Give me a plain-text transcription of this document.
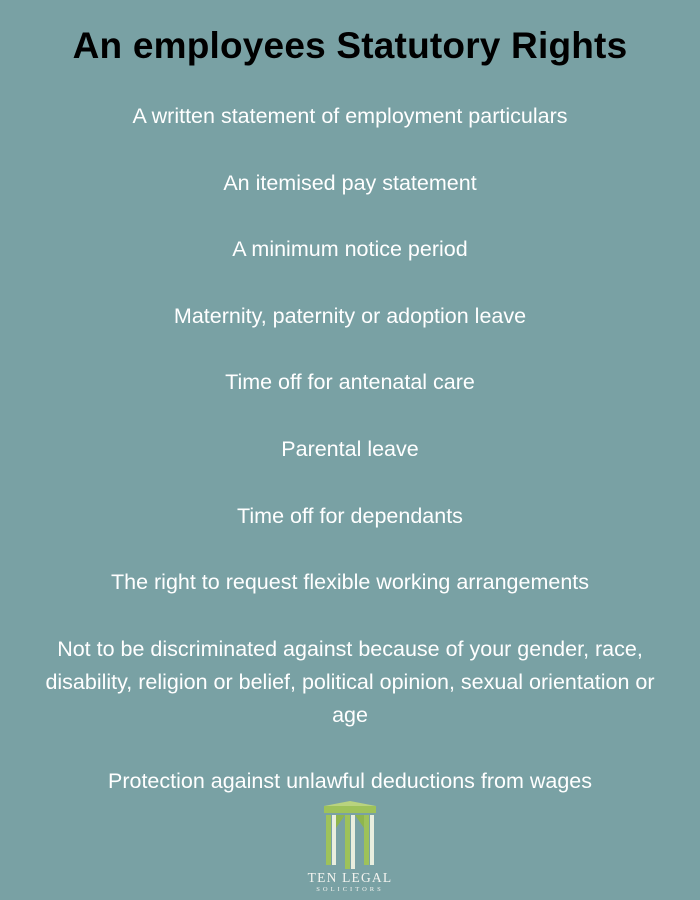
An employees Statutory Rights
A written statement of employment particulars
An itemised pay statement
A minimum notice period
Maternity, paternity or adoption leave
Time off for antenatal care
Parental leave
Time off for dependants
The right to request flexible working arrangements
Not to be discriminated against because of your gender, race, disability, religion or belief, political opinion, sexual orientation or age
Protection against unlawful deductions from wages
TEN LEGAL
SOLICITORS
